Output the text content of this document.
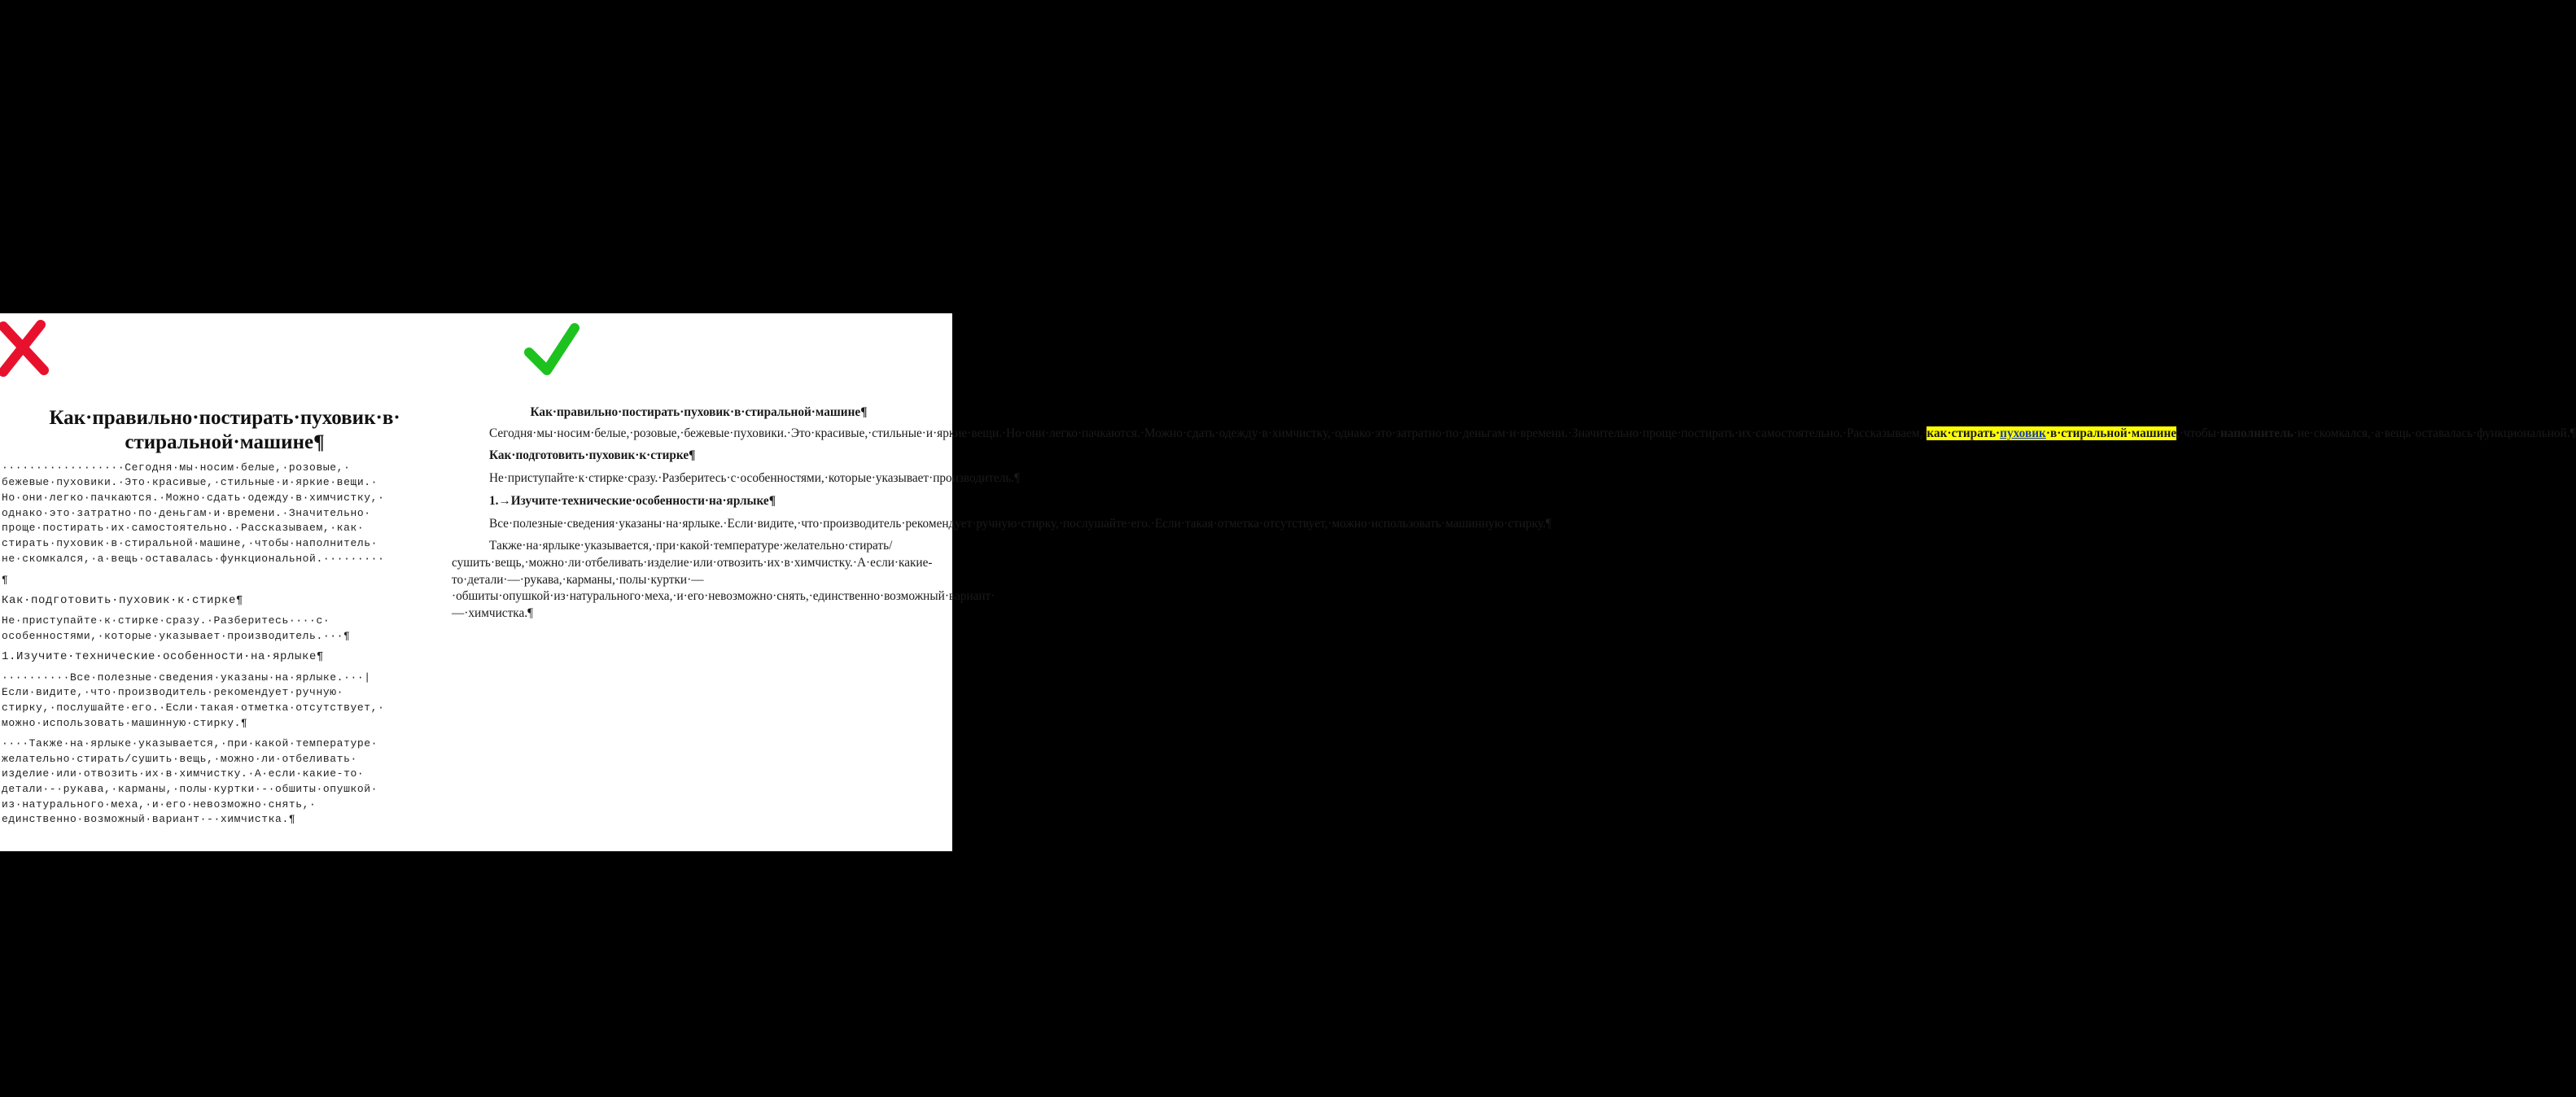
Как·правильно·постирать·пуховик·в·
стиральной·машине¶
··················Сегодня·мы·носим·белые,·розовые,·
бежевые·пуховики.·Это·красивые,·стильные·и·яркие·вещи.·
Но·они·легко·пачкаются.·Можно·сдать·одежду·в·химчистку,·
однако·это·затратно·по·деньгам·и·времени.·Значительно·
проще·постирать·их·самостоятельно.·Рассказываем,·как·
стирать·пуховик·в·стиральной·машине,·чтобы·наполнитель·
не·скомкался,·а·вещь·оставалась·функциональной.·········
¶
Как·подготовить·пуховик·к·стирке¶
Не·приступайте·к·стирке·сразу.·Разберитесь····с·
особенностями,·которые·указывает·производитель.···¶
1.Изучите·технические·особенности·на·ярлыке¶
··········Все·полезные·сведения·указаны·на·ярлыке.···|
Если·видите,·что·производитель·рекомендует·ручную·
стирку,·послушайте·его.·Если·такая·отметка·отсутствует,·
можно·использовать·машинную·стирку.¶
····Также·на·ярлыке·указывается,·при·какой·температуре·
желательно·стирать/сушить·вещь,·можно·ли·отбеливать·
изделие·или·отвозить·их·в·химчистку.·А·если·какие-то·
детали·-·рукава,·карманы,·полы·куртки·-·обшиты·опушкой·
из·натурального·меха,·и·его·невозможно·снять,·
единственно·возможный·вариант·-·химчистка.¶

Как·правильно·постирать·пуховик·в·стиральной·машине¶

Сегодня·мы·носим·белые,·розовые,·бежевые·пуховики.·Это·красивые,·стильные·и·яркие·вещи.·Но·они·легко·пачкаются.·Можно·сдать·одежду·в·химчистку,·однако·это·затратно·по·деньгам·и·времени.·Значительно·проще·постирать·их·самостоятельно.·Рассказываем,·как·стирать·пуховик·в·стиральной·машине,·чтобы·наполнитель·не·скомкался,·а·вещь·оставалась·функциональной.¶

Как·подготовить·пуховик·к·стирке¶

Не·приступайте·к·стирке·сразу.·Разберитесь·с·особенностями,·которые·указывает·производитель.¶

1.→Изучите·технические·особенности·на·ярлыке¶

Все·полезные·сведения·указаны·на·ярлыке.·Если·видите,·что·производитель·рекомендует·ручную·стирку,·послушайте·его.·Если·такая·отметка·отсутствует,·можно·использовать·машинную·стирку.¶

Также·на·ярлыке·указывается,·при·какой·температуре·желательно·стирать/сушить·вещь,·можно·ли·отбеливать·изделие·или·отвозить·их·в·химчистку.·А·если·какие-то·детали·—·рукава,·карманы,·полы·куртки·—·обшиты·опушкой·из·натурального·меха,·и·его·невозможно·снять,·единственно·возможный·вариант·—·химчистка.¶
